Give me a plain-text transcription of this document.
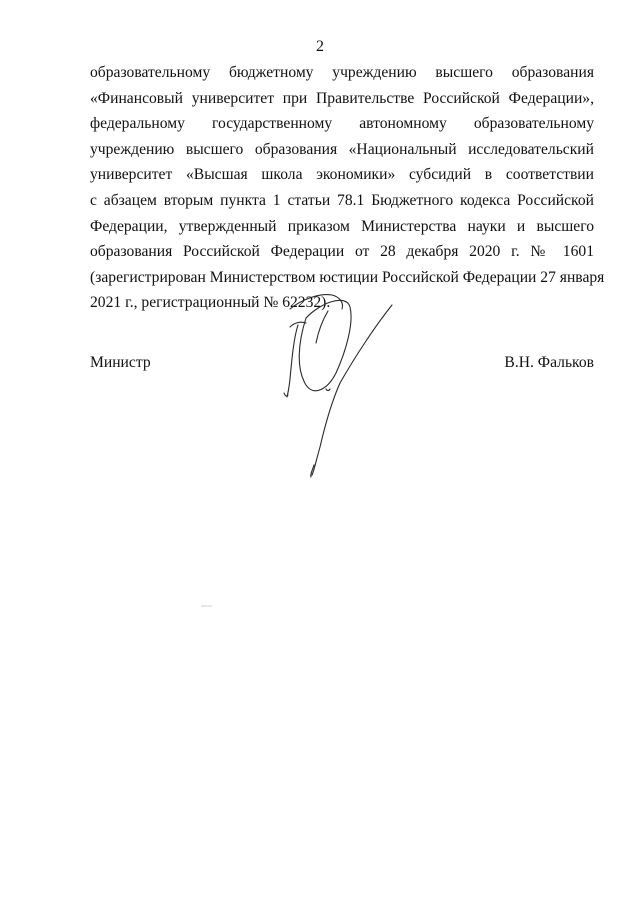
2
образовательному бюджетному учреждению высшего образования
«Финансовый университет при Правительстве Российской Федерации»,
федеральному государственному автономному образовательному
учреждению высшего образования «Национальный исследовательский
университет «Высшая школа экономики» субсидий в соответствии
с абзацем вторым пункта 1 статьи 78.1 Бюджетного кодекса Российской
Федерации, утвержденный приказом Министерства науки и высшего
образования Российской Федерации от 28 декабря 2020 г. № 1601
(зарегистрирован Министерством юстиции Российской Федерации 27 января
2021 г., регистрационный № 62232).
Министр	В.Н. Фальков
